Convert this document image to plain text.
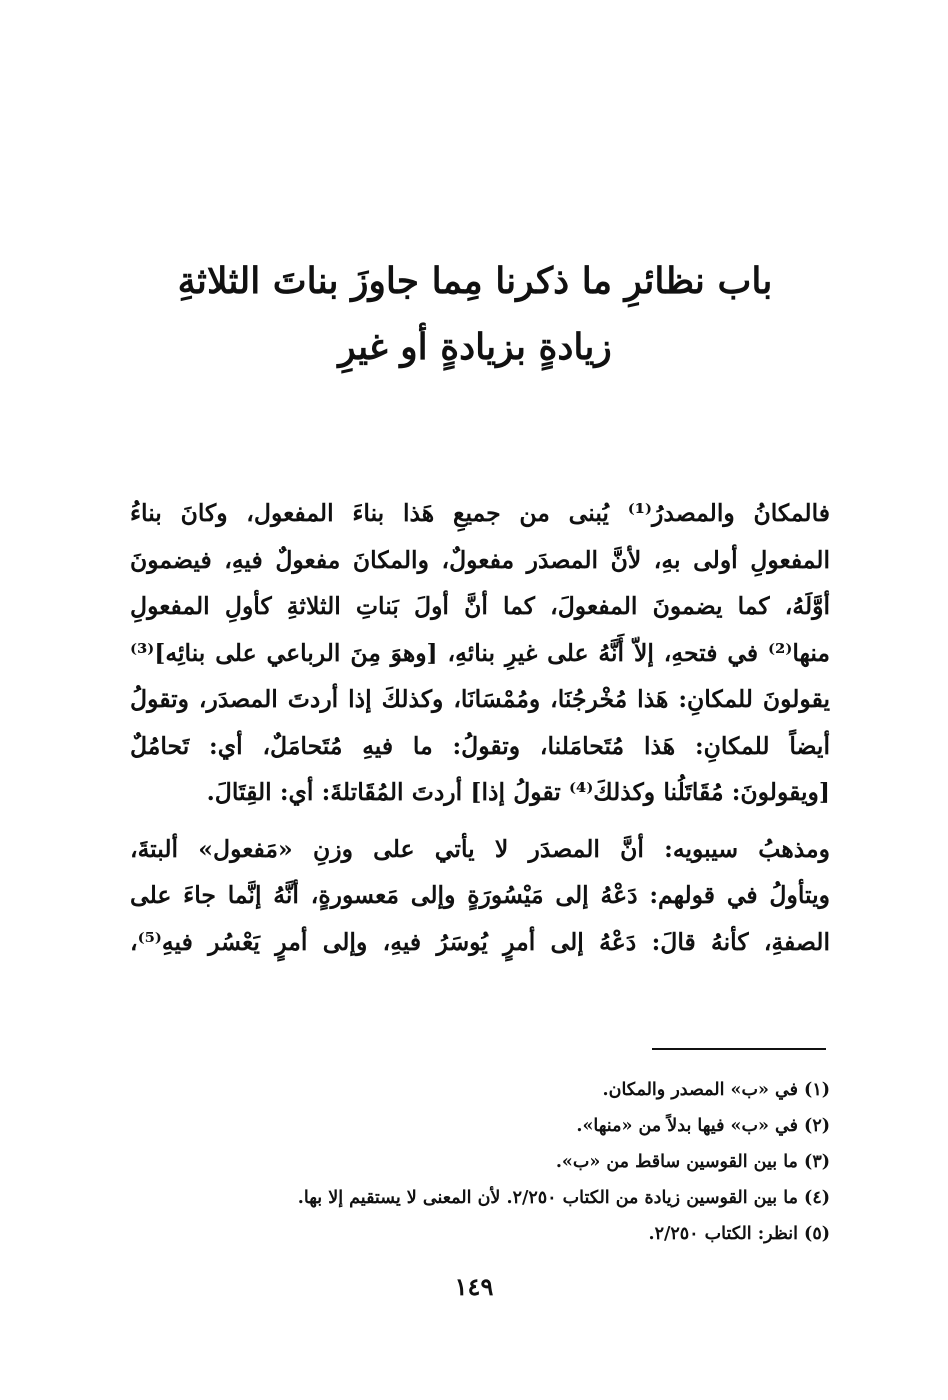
باب نظائرِ ما ذكرنا مِما جاوزَ بناتَ الثلاثةِ
زيادةٍ بزيادةٍ أو غيرِ
فالمكانُ والمصدرُ⁽¹⁾ يُبنى من جميعِ هَذا بناءَ المفعول، وكانَ بناءُ
المفعولِ أولى بهِ، لأنَّ المصدَر مفعولٌ، والمكانَ مفعولٌ فيهِ، فيضمونَ
أوَّلَهُ، كما يضمونَ المفعولَ، كما أنَّ أولَ بَناتِ الثلاثةِ كأولِ المفعولِ
منها⁽²⁾ في فتحهِ، إلاّ أَنَّهُ على غيرِ بنائهِ، [وهوَ مِنَ الرباعي على بنائِه]⁽³⁾
يقولونَ للمكانِ: هَذا مُخْرجُنَا، ومُمْسَانَا، وكذلكَ إذا أردتَ المصدَر، وتقولُ
أيضاً للمكانِ: هَذا مُتَحامَلنا، وتقولُ: ما فيهِ مُتَحامَلٌ، أي: تَحامُلٌ
[ويقولونَ: مُقَاتَلُنا وكذلكَ⁽⁴⁾ تقولُ إذا] أردتَ المُقَاتلةَ: أي: القِتَالَ.
ومذهبُ سيبويه: أنَّ المصدَر لا يأتي على وزنِ «مَفعول» ألبتةَ،
ويتأولُ في قولهم: دَعْهُ إلى مَيْسُورَةٍ وإلى مَعسورةٍ، أنَّهُ إنَّما جاءَ على
الصفةِ، كأنهُ قالَ: دَعْهُ إلى أمرٍ يُوسَرُ فيهِ، وإلى أمرٍ يَعْسُر فيهِ⁽⁵⁾،
(١) في «ب» المصدر والمكان.
(٢) في «ب» فيها بدلاً من «منها».
(٣) ما بين القوسين ساقط من «ب».
(٤) ما بين القوسين زيادة من الكتاب ٢/٢٥٠. لأن المعنى لا يستقيم إلا بها.
(٥) انظر: الكتاب ٢/٢٥٠.
١٤٩
